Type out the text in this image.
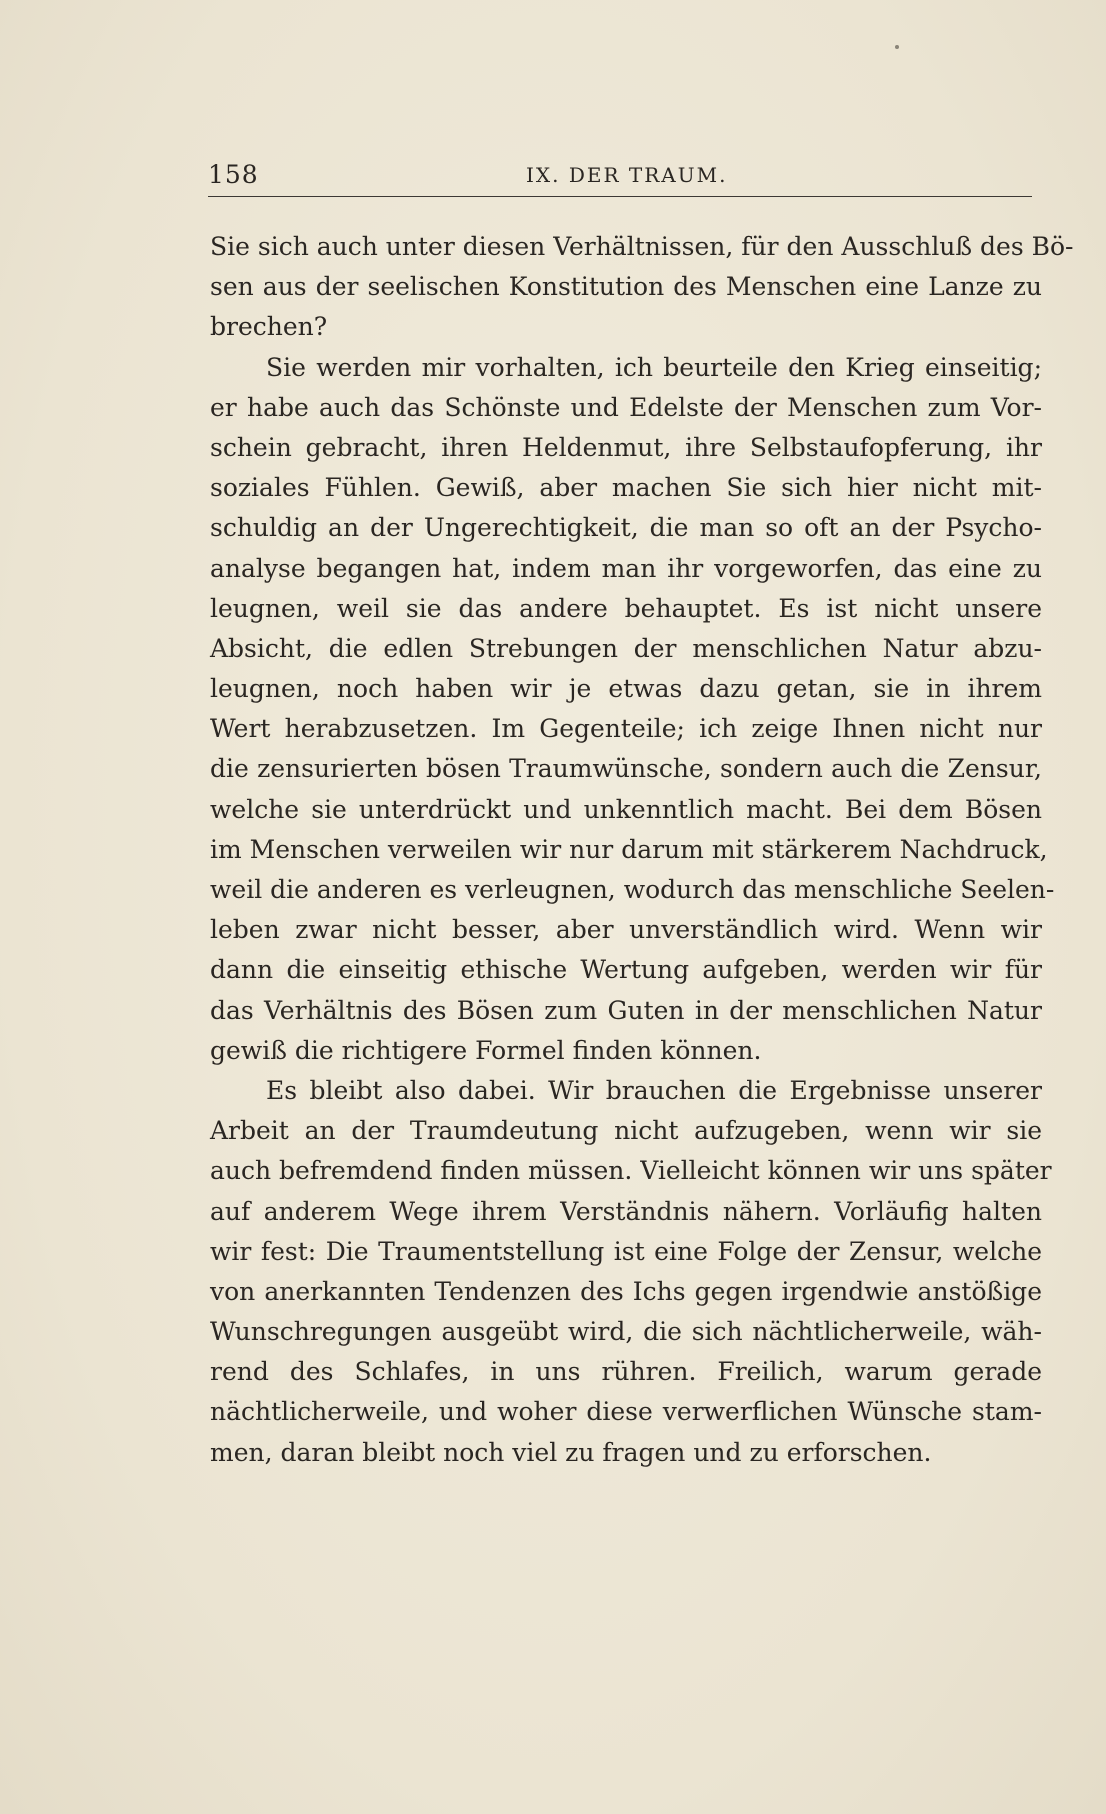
158	IX. DER TRAUM.
Sie sich auch unter diesen Verhältnissen, für den Ausschluß des Bö-
sen aus der seelischen Konstitution des Menschen eine Lanze zu
brechen?
Sie werden mir vorhalten, ich beurteile den Krieg einseitig;
er habe auch das Schönste und Edelste der Menschen zum Vor-
schein gebracht, ihren Heldenmut, ihre Selbstaufopferung, ihr
soziales Fühlen. Gewiß, aber machen Sie sich hier nicht mit-
schuldig an der Ungerechtigkeit, die man so oft an der Psycho-
analyse begangen hat, indem man ihr vorgeworfen, das eine zu
leugnen, weil sie das andere behauptet. Es ist nicht unsere
Absicht, die edlen Strebungen der menschlichen Natur abzu-
leugnen, noch haben wir je etwas dazu getan, sie in ihrem
Wert herabzusetzen. Im Gegenteile; ich zeige Ihnen nicht nur
die zensurierten bösen Traumwünsche, sondern auch die Zensur,
welche sie unterdrückt und unkenntlich macht. Bei dem Bösen
im Menschen verweilen wir nur darum mit stärkerem Nachdruck,
weil die anderen es verleugnen, wodurch das menschliche Seelen-
leben zwar nicht besser, aber unverständlich wird. Wenn wir
dann die einseitig ethische Wertung aufgeben, werden wir für
das Verhältnis des Bösen zum Guten in der menschlichen Natur
gewiß die richtigere Formel finden können.
Es bleibt also dabei. Wir brauchen die Ergebnisse unserer
Arbeit an der Traumdeutung nicht aufzugeben, wenn wir sie
auch befremdend finden müssen. Vielleicht können wir uns später
auf anderem Wege ihrem Verständnis nähern. Vorläufig halten
wir fest: Die Traumentstellung ist eine Folge der Zensur, welche
von anerkannten Tendenzen des Ichs gegen irgendwie anstößige
Wunschregungen ausgeübt wird, die sich nächtlicherweile, wäh-
rend des Schlafes, in uns rühren. Freilich, warum gerade
nächtlicherweile, und woher diese verwerflichen Wünsche stam-
men, daran bleibt noch viel zu fragen und zu erforschen.
